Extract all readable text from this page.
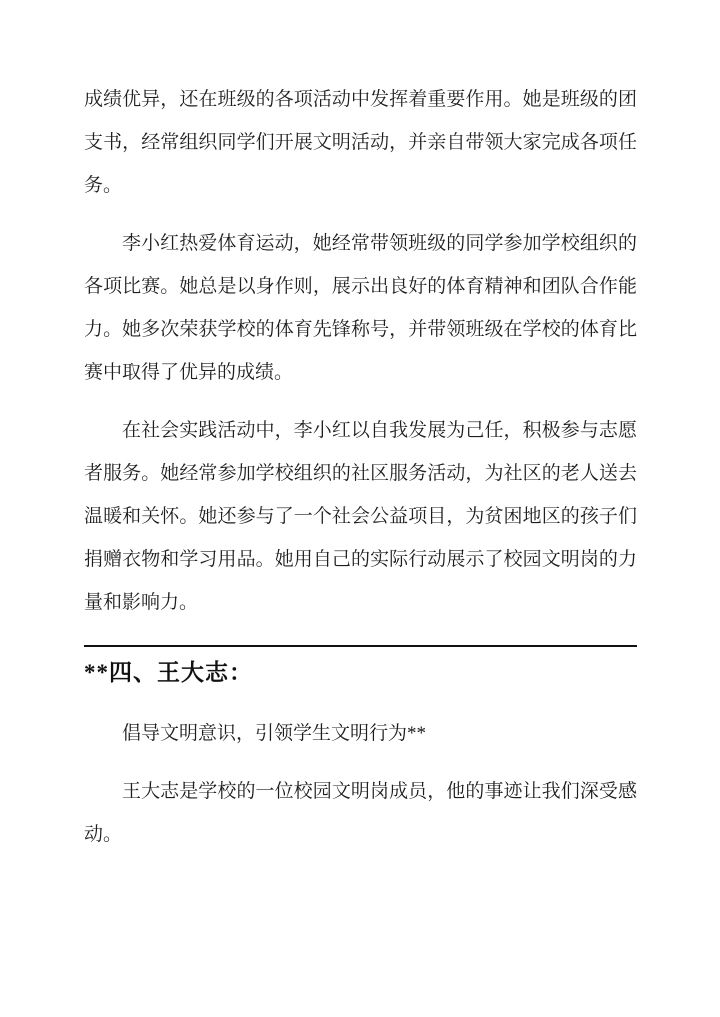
成绩优异，还在班级的各项活动中发挥着重要作用。她是班级的团支书，经常组织同学们开展文明活动，并亲自带领大家完成各项任务。

李小红热爱体育运动，她经常带领班级的同学参加学校组织的各项比赛。她总是以身作则，展示出良好的体育精神和团队合作能力。她多次荣获学校的体育先锋称号，并带领班级在学校的体育比赛中取得了优异的成绩。

在社会实践活动中，李小红以自我发展为己任，积极参与志愿者服务。她经常参加学校组织的社区服务活动，为社区的老人送去温暖和关怀。她还参与了一个社会公益项目，为贫困地区的孩子们捐赠衣物和学习用品。她用自己的实际行动展示了校园文明岗的力量和影响力。

**四、王大志：

倡导文明意识，引领学生文明行为**

王大志是学校的一位校园文明岗成员，他的事迹让我们深受感动。
